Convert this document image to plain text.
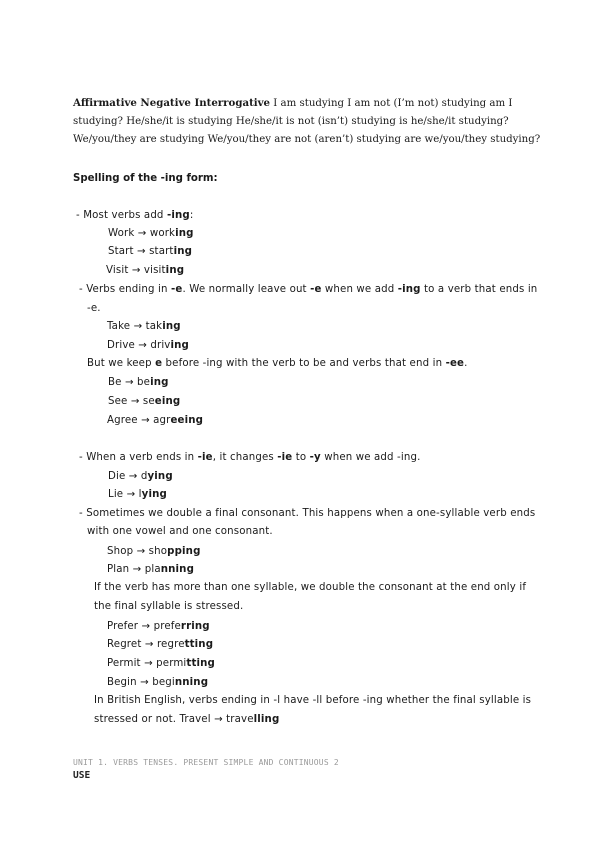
Affirmative Negative Interrogative I am studying I am not (I’m not) studying am I
studying? He/she/it is studying He/she/it is not (isn’t) studying is he/she/it studying?
We/you/they are studying We/you/they are not (aren’t) studying are we/you/they studying?
Spelling of the -ing form:
- Most verbs add -ing:
Work → working
Start → starting
Visit → visiting
- Verbs ending in -e. We normally leave out -e when we add -ing to a verb that ends in
-e.
Take → taking
Drive → driving
But we keep e before -ing with the verb to be and verbs that end in -ee.
Be → being
See → seeing
Agree → agreeing
- When a verb ends in -ie, it changes -ie to -y when we add -ing.
Die → dying
Lie → lying
- Sometimes we double a final consonant. This happens when a one-syllable verb ends
with one vowel and one consonant.
Shop → shopping
Plan → planning
If the verb has more than one syllable, we double the consonant at the end only if
the final syllable is stressed.
Prefer → preferring
Regret → regretting
Permit → permitting
Begin → beginning
In British English, verbs ending in -l have -ll before -ing whether the final syllable is
stressed or not. Travel → travelling
UNIT 1. VERBS TENSES. PRESENT SIMPLE AND CONTINUOUS 2
USE
